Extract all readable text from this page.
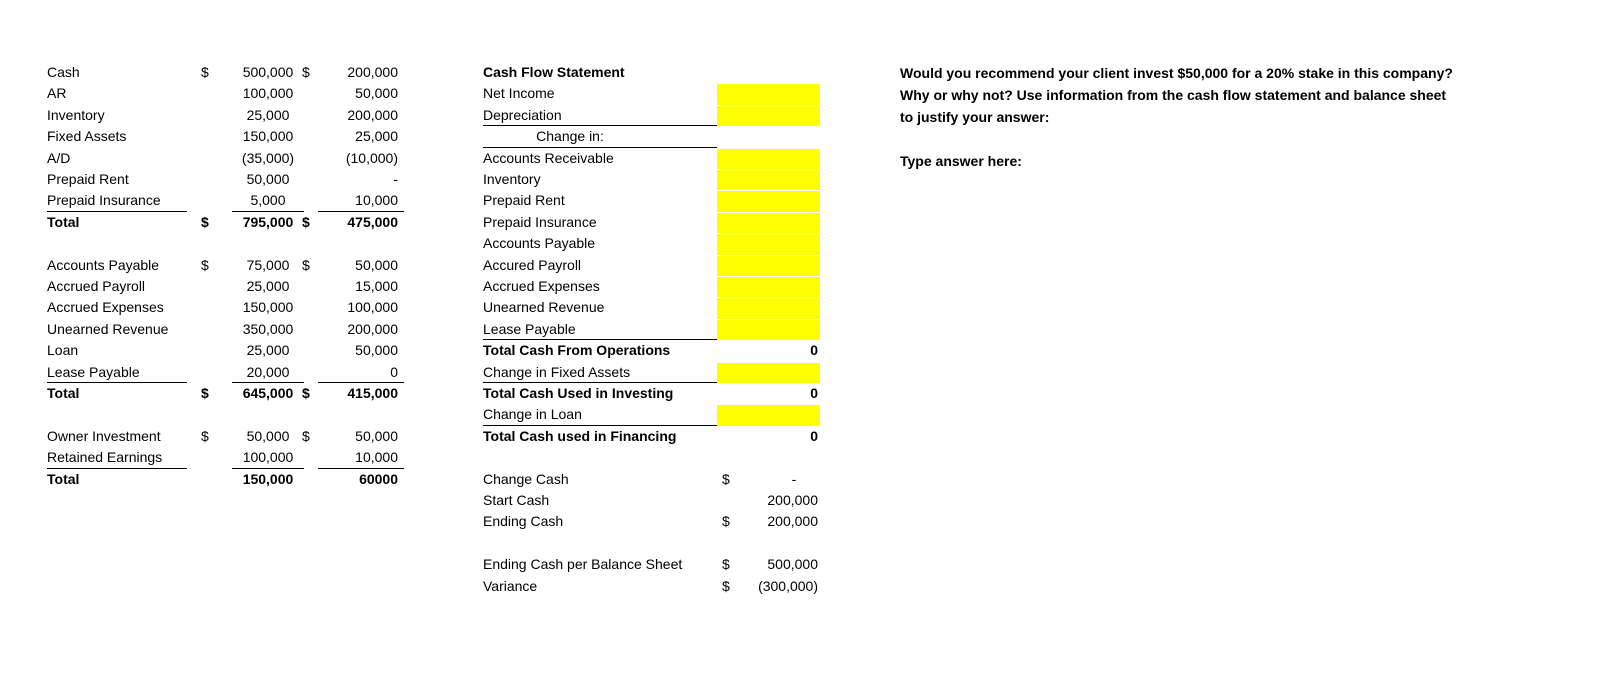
Cash	$	500,000 $	200,000
AR	100,000	50,000
Inventory	25,000	200,000
Fixed Assets	150,000	25,000
A/D	(35,000)	(10,000)
Prepaid Rent	50,000	-
Prepaid Insurance	5,000	10,000
Total	$	795,000 $	475,000
Accounts Payable	$	75,000 $	50,000
Accrued Payroll	25,000	15,000
Accrued Expenses	150,000	100,000
Unearned Revenue	350,000	200,000
Loan	25,000	50,000
Lease Payable	20,000	0
Total	$	645,000 $	415,000
Owner Investment	$	50,000 $	50,000
Retained Earnings	100,000	10,000
Total	150,000	60000
Cash Flow Statement
Net Income
Depreciation
Change in:
Accounts Receivable
Inventory
Prepaid Rent
Prepaid Insurance
Accounts Payable
Accured Payroll
Accrued Expenses
Unearned Revenue
Lease Payable
Total Cash From Operations	0
Change in Fixed Assets
Total Cash Used in Investing	0
Change in Loan
Total Cash used in Financing	0
Change Cash	$	-
Start Cash	200,000
Ending Cash	$	200,000
Ending Cash per Balance Sheet	$	500,000
Variance	$	(300,000)
Would you recommend your client invest $50,000 for a 20% stake in this company?
Why or why not? Use information from the cash flow statement and balance sheet
to justify your answer:
Type answer here:
